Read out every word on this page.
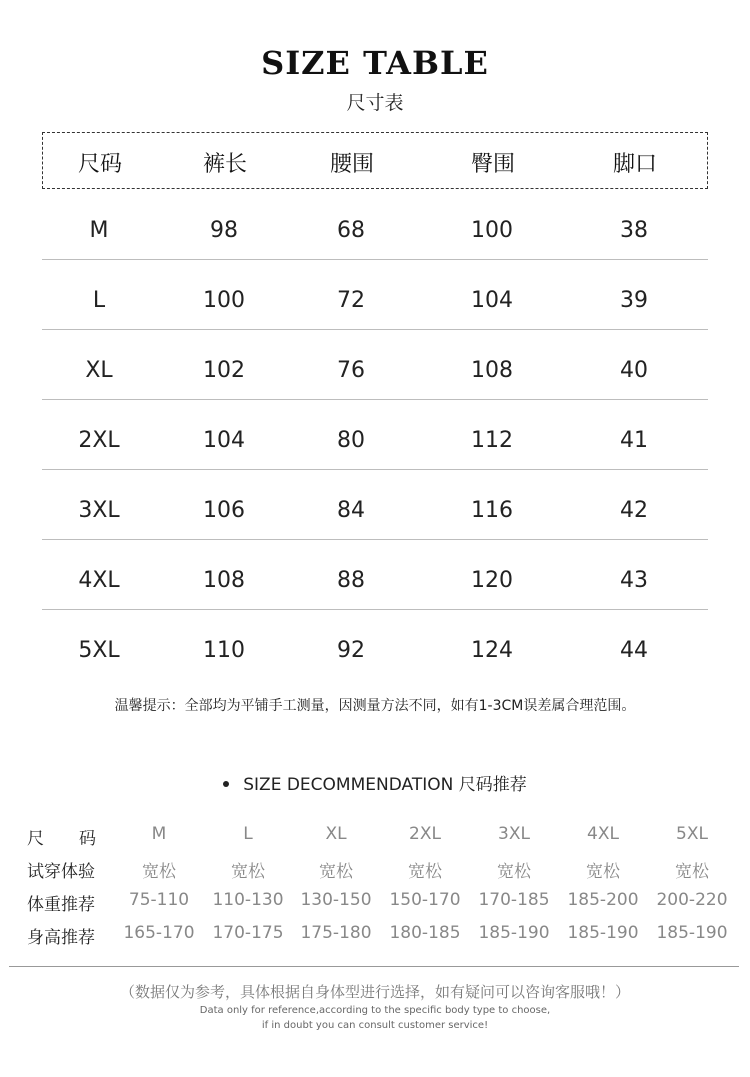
SIZE TABLE
尺寸表
尺码	裤长	腰围	臀围	脚口
M	98	68	100	38
L	100	72	104	39
XL	102	76	108	40
2XL	104	80	112	41
3XL	106	84	116	42
4XL	108	88	120	43
5XL	110	92	124	44
温馨提示：全部均为平铺手工测量，因测量方法不同，如有1-3CM误差属合理范围。
SIZE DECOMMENDATION 尺码推荐
尺 码	M	L	XL	2XL	3XL	4XL	5XL
试穿体验	宽松	宽松	宽松	宽松	宽松	宽松	宽松
体重推荐 75-110 110-130 130-150 150-170 170-185 185-200 200-220
身高推荐 165-170 170-175 175-180 180-185 185-190 185-190 185-190
（数据仅为参考，具体根据自身体型进行选择，如有疑问可以咨询客服哦！）
Data only for reference,according to the specific body type to choose,
if in doubt you can consult customer service!
